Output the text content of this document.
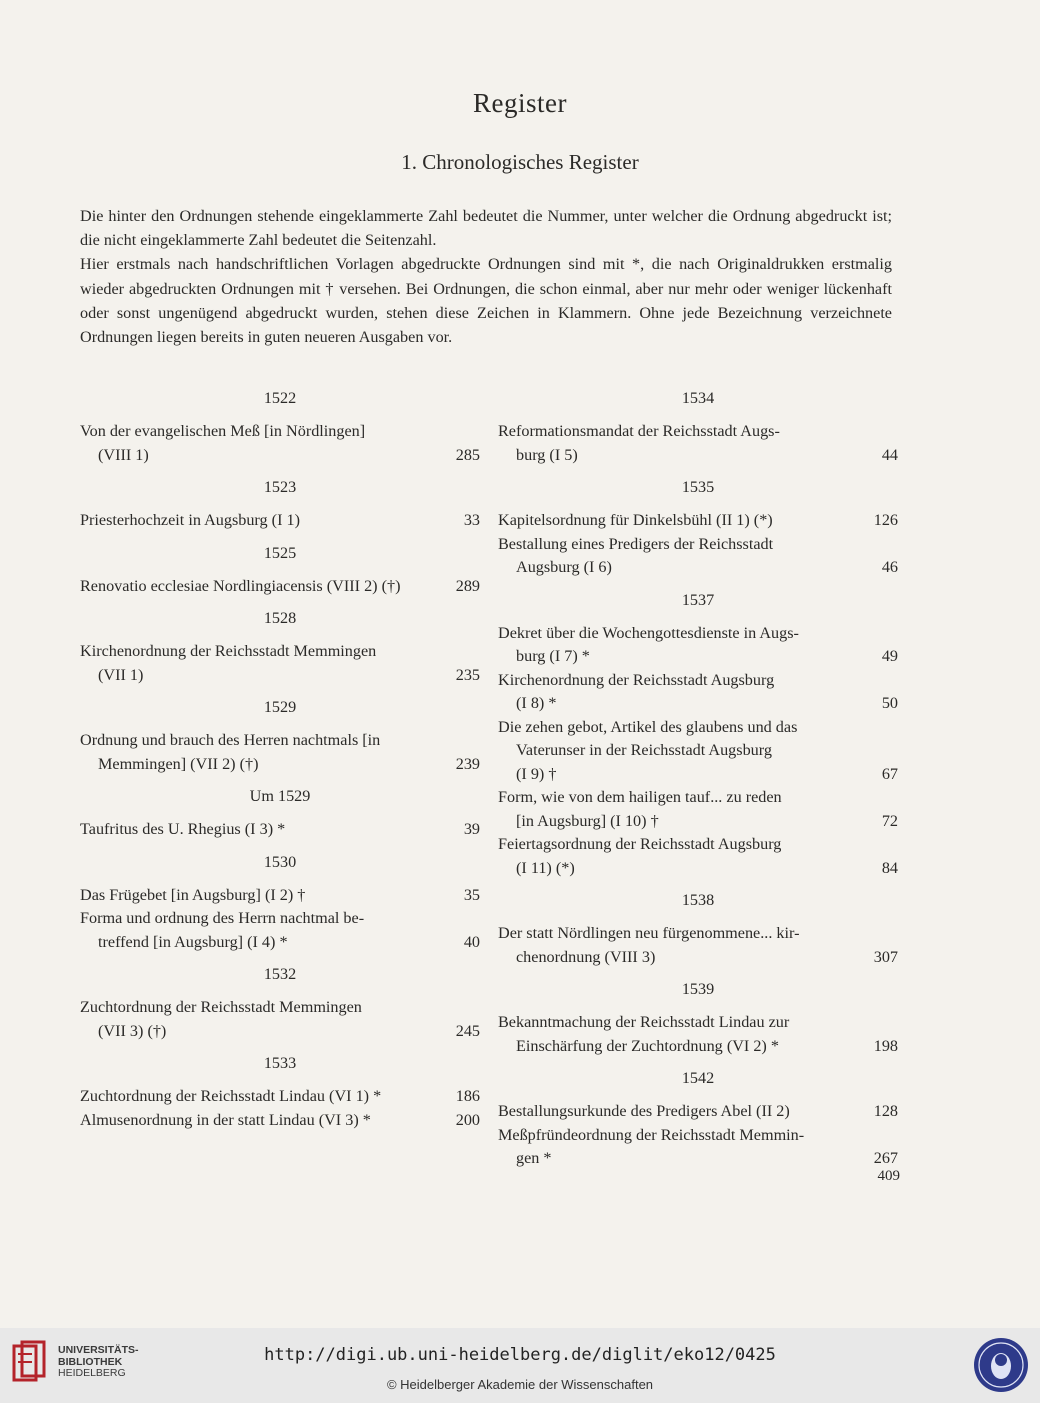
Register
1. Chronologisches Register

Die hinter den Ordnungen stehende eingeklammerte Zahl bedeutet die Nummer, unter welcher die Ordnung abgedruckt ist; die nicht eingeklammerte Zahl bedeutet die Seitenzahl.

Hier erstmals nach handschriftlichen Vorlagen abgedruckte Ordnungen sind mit *, die nach Originaldrukken erstmalig wieder abgedruckten Ordnungen mit † versehen. Bei Ordnungen, die schon einmal, aber nur mehr oder weniger lückenhaft oder sonst ungenügend abgedruckt wurden, stehen diese Zeichen in Klammern. Ohne jede Bezeichnung verzeichnete Ordnungen liegen bereits in guten neueren Ausgaben vor.

1522
Von der evangelischen Meß [in Nördlingen]
(VIII 1)	285
1523
Priesterhochzeit in Augsburg (I 1)	33
1525
Renovatio ecclesiae Nordlingiacensis (VIII 2) (†)	289
1528
Kirchenordnung der Reichsstadt Memmingen
(VII 1)	235
1529
Ordnung und brauch des Herren nachtmals [in
Memmingen] (VII 2) (†)	239
Um 1529
Taufritus des U. Rhegius (I 3) *	39
1530
Das Frügebet [in Augsburg] (I 2) †	35
Forma und ordnung des Herrn nachtmal be-
treffend [in Augsburg] (I 4) *	40
1532
Zuchtordnung der Reichsstadt Memmingen
(VII 3) (†)	245
1533
Zuchtordnung der Reichsstadt Lindau (VI 1) *	186
Almusenordnung in der statt Lindau (VI 3) *	200
1534
Reformationsmandat der Reichsstadt Augs-
burg (I 5)	44
1535
Kapitelsordnung für Dinkelsbühl (II 1) (*)	126
Bestallung eines Predigers der Reichsstadt
Augsburg (I 6)	46
1537
Dekret über die Wochengottesdienste in Augs-
burg (I 7) *	49
Kirchenordnung der Reichsstadt Augsburg
(I 8) *	50
Die zehen gebot, Artikel des glaubens und das
Vaterunser in der Reichsstadt Augsburg
(I 9) †	67
Form, wie von dem hailigen tauf... zu reden
[in Augsburg] (I 10) †	72
Feiertagsordnung der Reichsstadt Augsburg
(I 11) (*)	84
1538
Der statt Nördlingen neu fürgenommene... kir-
chenordnung (VIII 3)	307
1539
Bekanntmachung der Reichsstadt Lindau zur
Einschärfung der Zuchtordnung (VI 2) *	198
1542
Bestallungsurkunde des Predigers Abel (II 2)	128
Meßpfründeordnung der Reichsstadt Memmin-
gen *	267
409
UNIVERSITÄTS-
BIBLIOTHEK
HEIDELBERG
http://digi.ub.uni-heidelberg.de/diglit/eko12/0425
© Heidelberger Akademie der Wissenschaften
